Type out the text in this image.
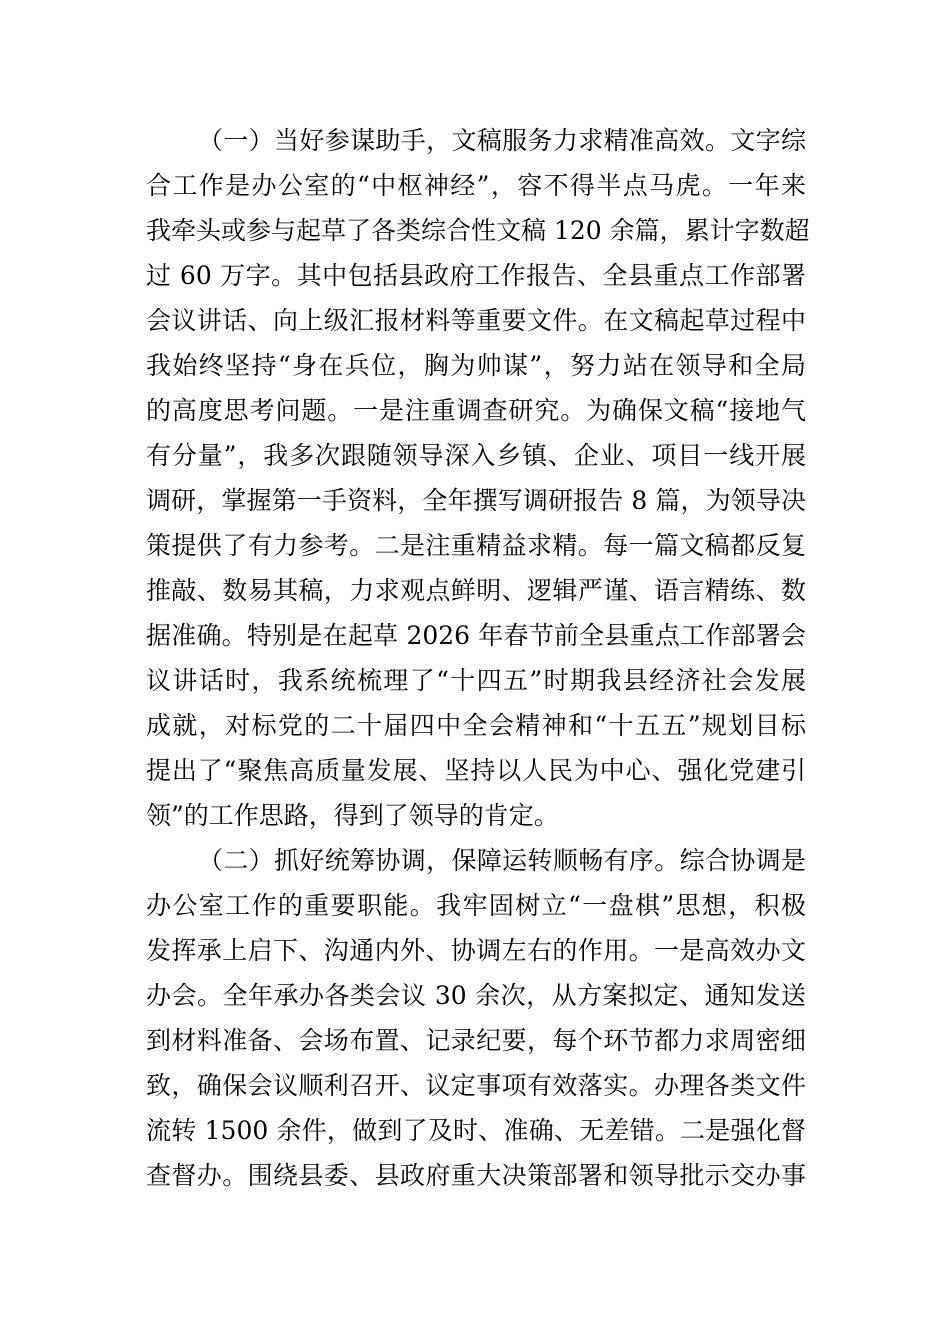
（一）当好参谋助手，文稿服务力求精准高效。文字综
合工作是办公室的“中枢神经”，容不得半点马虎。一年来
我牵头或参与起草了各类综合性文稿 120 余篇，累计字数超
过 60 万字。其中包括县政府工作报告、全县重点工作部署
会议讲话、向上级汇报材料等重要文件。在文稿起草过程中
我始终坚持“身在兵位，胸为帅谋”，努力站在领导和全局
的高度思考问题。一是注重调查研究。为确保文稿“接地气
有分量”，我多次跟随领导深入乡镇、企业、项目一线开展
调研，掌握第一手资料，全年撰写调研报告 8 篇，为领导决
策提供了有力参考。二是注重精益求精。每一篇文稿都反复
推敲、数易其稿，力求观点鲜明、逻辑严谨、语言精练、数
据准确。特别是在起草 2026 年春节前全县重点工作部署会
议讲话时，我系统梳理了“十四五”时期我县经济社会发展
成就，对标党的二十届四中全会精神和“十五五”规划目标
提出了“聚焦高质量发展、坚持以人民为中心、强化党建引
领”的工作思路，得到了领导的肯定。
（二）抓好统筹协调，保障运转顺畅有序。综合协调是
办公室工作的重要职能。我牢固树立“一盘棋”思想，积极
发挥承上启下、沟通内外、协调左右的作用。一是高效办文
办会。全年承办各类会议 30 余次，从方案拟定、通知发送
到材料准备、会场布置、记录纪要，每个环节都力求周密细
致，确保会议顺利召开、议定事项有效落实。办理各类文件
流转 1500 余件，做到了及时、准确、无差错。二是强化督
查督办。围绕县委、县政府重大决策部署和领导批示交办事
